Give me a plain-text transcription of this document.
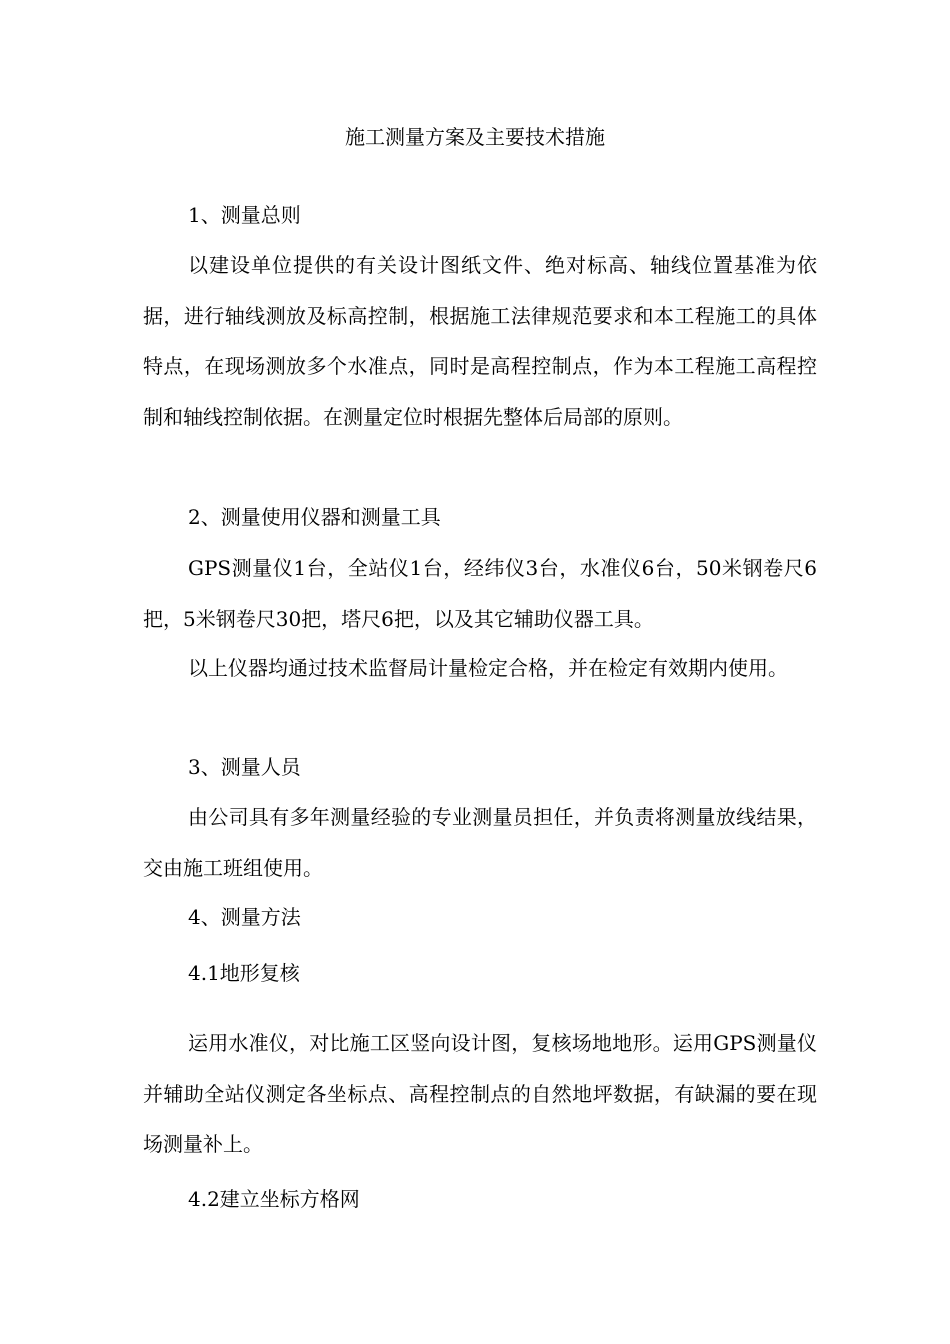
施工测量方案及主要技术措施
1、测量总则
以建设单位提供的有关设计图纸文件、绝对标高、轴线位置基准为依据，进行轴线测放及标高控制，根据施工法律规范要求和本工程施工的具体特点，在现场测放多个水准点，同时是高程控制点，作为本工程施工高程控制和轴线控制依据。在测量定位时根据先整体后局部的原则。
2、测量使用仪器和测量工具
GPS测量仪1台，全站仪1台，经纬仪3台，水准仪6台，50米钢卷尺6把，5米钢卷尺30把，塔尺6把，以及其它辅助仪器工具。
以上仪器均通过技术监督局计量检定合格，并在检定有效期内使用。
3、测量人员
由公司具有多年测量经验的专业测量员担任，并负责将测量放线结果，交由施工班组使用。
4、测量方法
4.1地形复核
运用水准仪，对比施工区竖向设计图，复核场地地形。运用GPS测量仪并辅助全站仪测定各坐标点、高程控制点的自然地坪数据，有缺漏的要在现场测量补上。
4.2建立坐标方格网
